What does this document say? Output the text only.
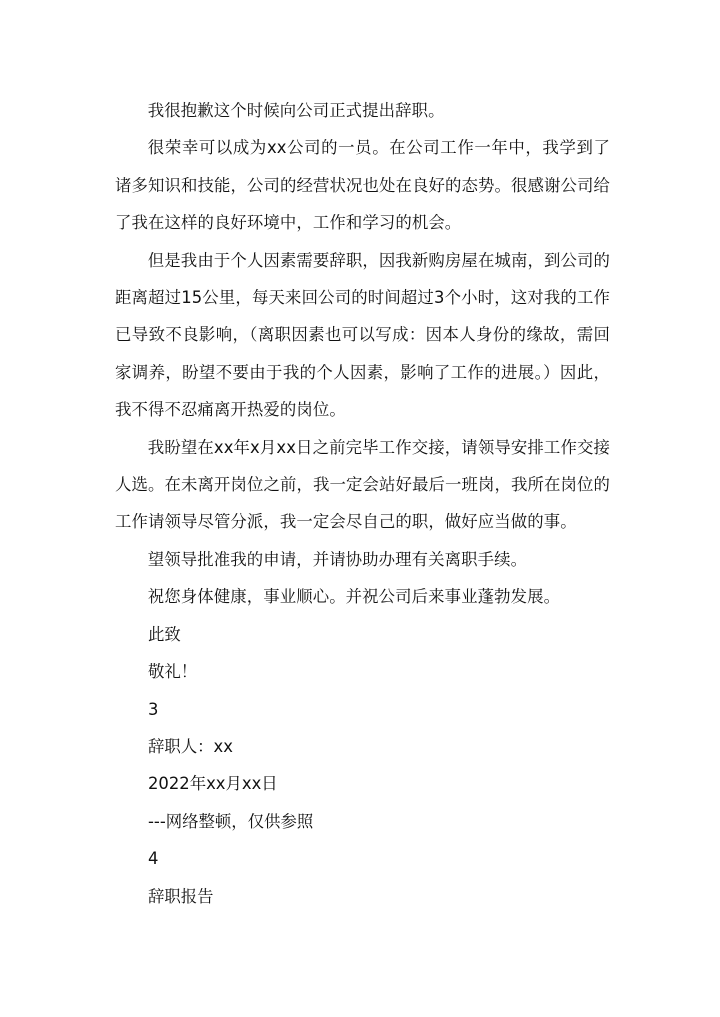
我很抱歉这个时候向公司正式提出辞职。

很荣幸可以成为xx公司的一员。在公司工作一年中，我学到了诸多知识和技能，公司的经营状况也处在良好的态势。很感谢公司给了我在这样的良好环境中，工作和学习的机会。

但是我由于个人因素需要辞职，因我新购房屋在城南，到公司的距离超过15公里，每天来回公司的时间超过3个小时，这对我的工作已导致不良影响，（离职因素也可以写成：因本人身份的缘故，需回家调养，盼望不要由于我的个人因素，影响了工作的进展。）因此，我不得不忍痛离开热爱的岗位。

我盼望在xx年x月xx日之前完毕工作交接，请领导安排工作交接人选。在未离开岗位之前，我一定会站好最后一班岗，我所在岗位的工作请领导尽管分派，我一定会尽自己的职，做好应当做的事。

望领导批准我的申请，并请协助办理有关离职手续。

祝您身体健康，事业顺心。并祝公司后来事业蓬勃发展。

此致

敬礼！

3

辞职人：xx

2022年xx月xx日

---网络整顿，仅供参照

4

辞职报告
